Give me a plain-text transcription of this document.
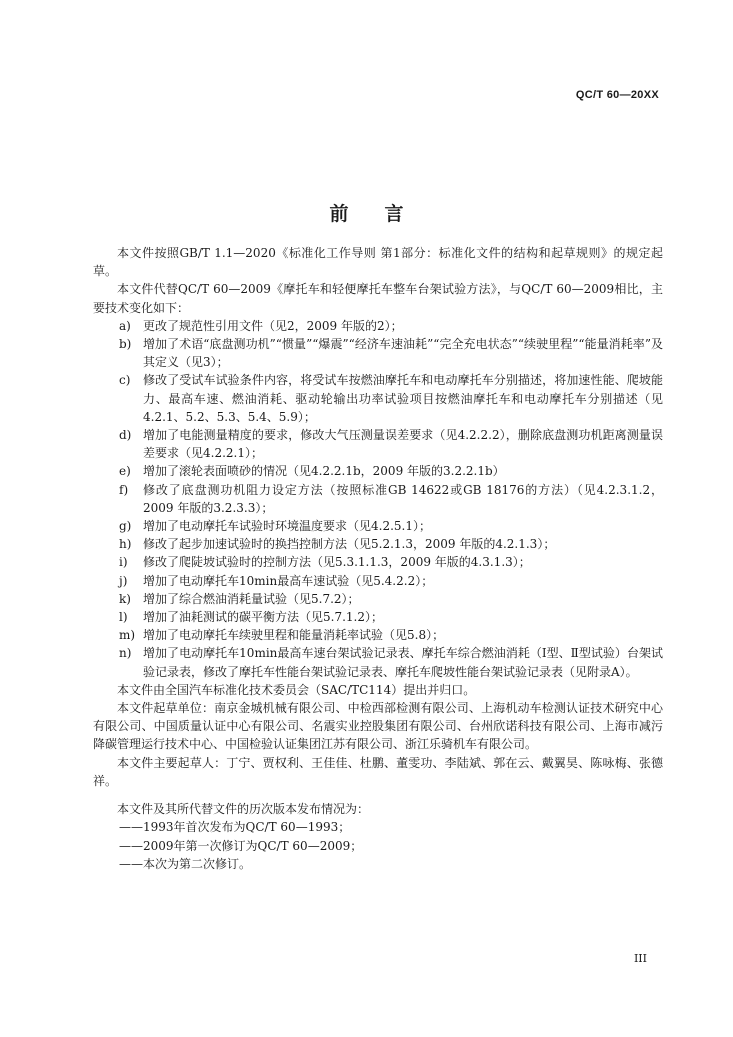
QC/T 60—20XX
前言

本文件按照GB/T 1.1—2020《标准化工作导则 第1部分：标准化文件的结构和起草规则》的规定起草。

本文件代替QC/T 60—2009《摩托车和轻便摩托车整车台架试验方法》，与QC/T 60—2009相比，主要技术变化如下：

a)	更改了规范性引用文件（见2，2009 年版的2）；
b) 增加了术语“底盘测功机”“惯量”“爆震”“经济车速油耗”“完全充电状态”“续驶里程”“能量消耗率”及其定义（见3）；
c)	修改了受试车试验条件内容，将受试车按燃油摩托车和电动摩托车分别描述，将加速性能、爬坡能力、最高车速、燃油消耗、驱动轮输出功率试验项目按燃油摩托车和电动摩托车分别描述（见4.2.1、5.2、5.3、5.4、5.9）；
d) 增加了电能测量精度的要求，修改大气压测量误差要求（见4.2.2.2），删除底盘测功机距离测量误差要求（见4.2.2.1）；
e)	增加了滚轮表面喷砂的情况（见4.2.2.1b，2009 年版的3.2.2.1b）
f)	修改了底盘测功机阻力设定方法（按照标准GB 14622或GB 18176的方法）（见4.2.3.1.2，2009 年版的3.2.3.3）；
g) 增加了电动摩托车试验时环境温度要求（见4.2.5.1）；
h) 修改了起步加速试验时的换挡控制方法（见5.2.1.3，2009 年版的4.2.1.3）；
i)	修改了爬陡坡试验时的控制方法（见5.3.1.1.3，2009 年版的4.3.1.3）；
j)	增加了电动摩托车10min最高车速试验（见5.4.2.2）；
k)	增加了综合燃油消耗量试验（见5.7.2）；
l)	增加了油耗测试的碳平衡方法（见5.7.1.2）；
m) 增加了电动摩托车续驶里程和能量消耗率试验（见5.8）；
n) 增加了电动摩托车10min最高车速台架试验记录表、摩托车综合燃油消耗（Ⅰ型、Ⅱ型试验）台架试验记录表，修改了摩托车性能台架试验记录表、摩托车爬坡性能台架试验记录表（见附录A）。

本文件由全国汽车标准化技术委员会（SAC/TC114）提出并归口。

本文件起草单位：南京金城机械有限公司、中检西部检测有限公司、上海机动车检测认证技术研究中心有限公司、中国质量认证中心有限公司、名震实业控股集团有限公司、台州欣诺科技有限公司、上海市减污降碳管理运行技术中心、中国检验认证集团江苏有限公司、浙江乐骑机车有限公司。

本文件主要起草人：丁宁、贾权利、王佳佳、杜鹏、董雯功、李陆斌、郭在云、戴翼昊、陈咏梅、张德祥。

本文件及其所代替文件的历次版本发布情况为：

——1993年首次发布为QC/T 60—1993；

——2009年第一次修订为QC/T 60—2009；

——本次为第二次修订。

III
